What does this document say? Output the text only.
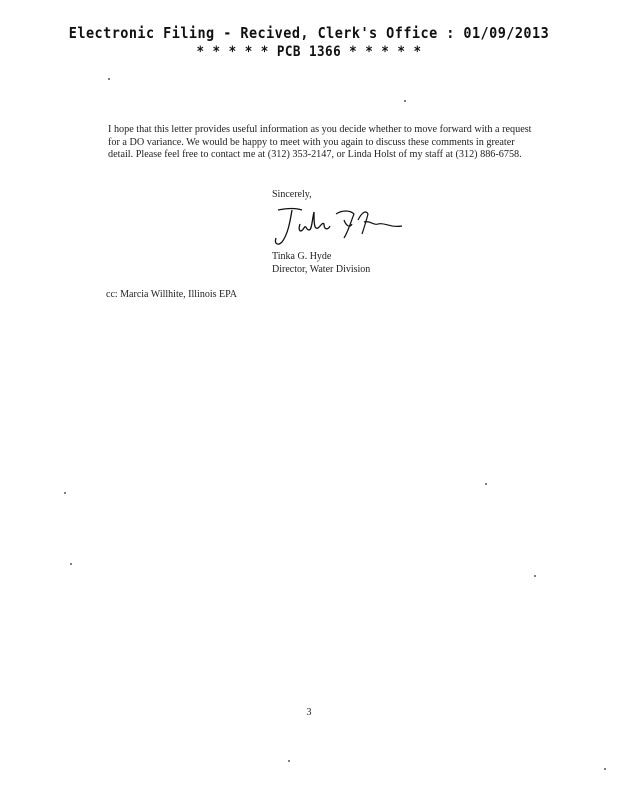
Electronic Filing - Recived, Clerk's Office : 01/09/2013
* * * * * PCB 1366 * * * * *

I hope that this letter provides useful information as you decide whether to move forward with a request for a DO variance. We would be happy to meet with you again to discuss these comments in greater detail. Please feel free to contact me at (312) 353-2147, or Linda Holst of my staff at (312) 886-6758.

Sincerely,
Tinka G. Hyde
Director, Water Division
cc: Marcia Willhite, Illinois EPA
3
